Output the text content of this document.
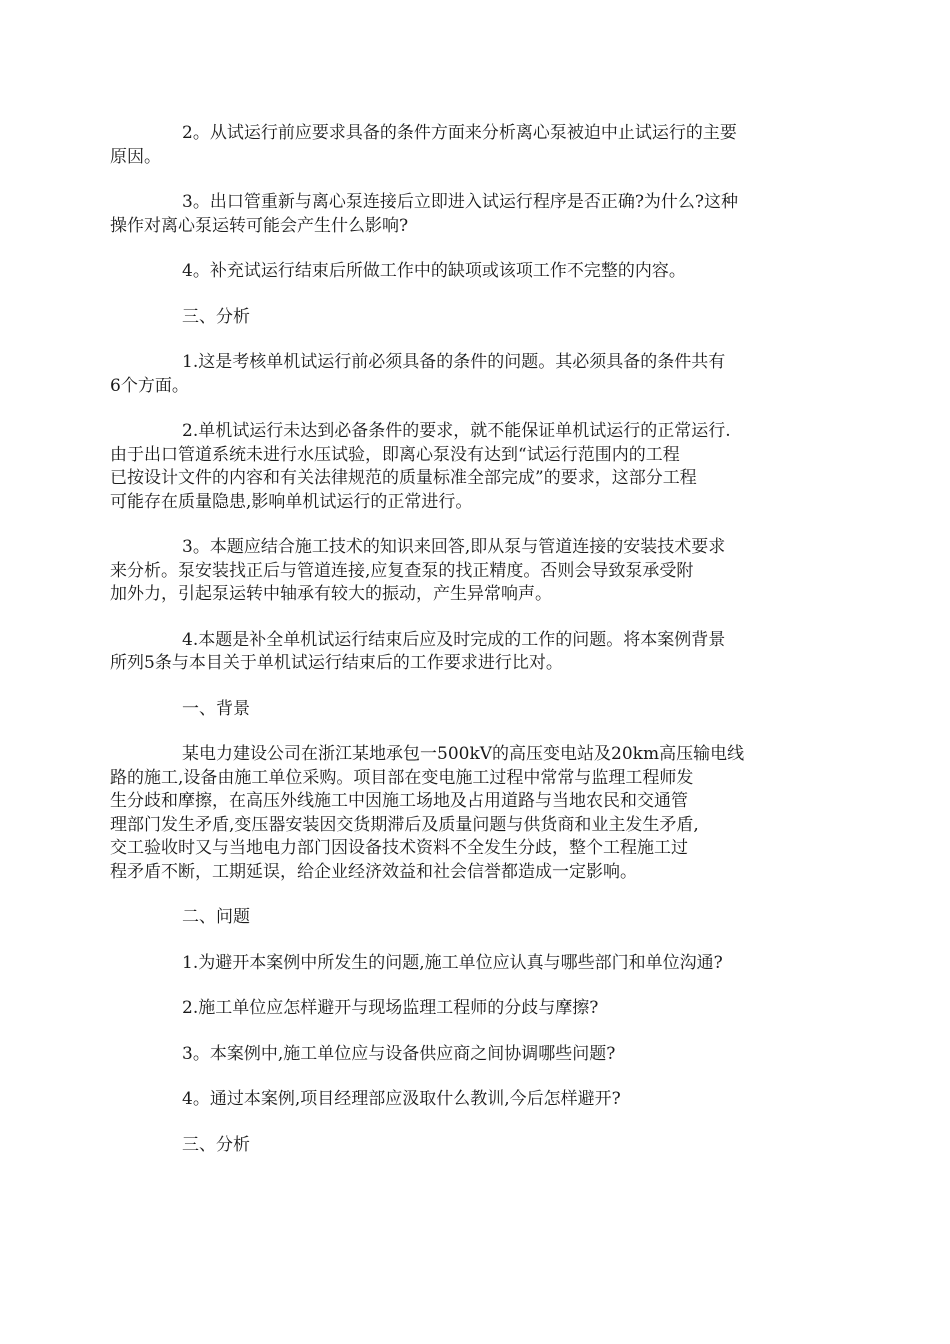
2。从试运行前应要求具备的条件方面来分析离心泵被迫中止试运行的主要
原因。
3。出口管重新与离心泵连接后立即进入试运行程序是否正确?为什么?这种
操作对离心泵运转可能会产生什么影响?
4。补充试运行结束后所做工作中的缺项或该项工作不完整的内容。
三、分析
1.这是考核单机试运行前必须具备的条件的问题。其必须具备的条件共有
6个方面。
2.单机试运行未达到必备条件的要求，就不能保证单机试运行的正常运行.
由于出口管道系统未进行水压试验，即离心泵没有达到“试运行范围内的工程
已按设计文件的内容和有关法律规范的质量标准全部完成”的要求，这部分工程
可能存在质量隐患,影响单机试运行的正常进行。
3。本题应结合施工技术的知识来回答,即从泵与管道连接的安装技术要求
来分析。泵安装找正后与管道连接,应复查泵的找正精度。否则会导致泵承受附
加外力，引起泵运转中轴承有较大的振动，产生异常响声。
4.本题是补全单机试运行结束后应及时完成的工作的问题。将本案例背景
所列5条与本目关于单机试运行结束后的工作要求进行比对。
一、背景
某电力建设公司在浙江某地承包一500kV的高压变电站及20km高压输电线
路的施工,设备由施工单位采购。项目部在变电施工过程中常常与监理工程师发
生分歧和摩擦，在高压外线施工中因施工场地及占用道路与当地农民和交通管
理部门发生矛盾,变压器安装因交货期滞后及质量问题与供货商和业主发生矛盾,
交工验收时又与当地电力部门因设备技术资料不全发生分歧，整个工程施工过
程矛盾不断，工期延误，给企业经济效益和社会信誉都造成一定影响。
二、问题
1.为避开本案例中所发生的问题,施工单位应认真与哪些部门和单位沟通?
2.施工单位应怎样避开与现场监理工程师的分歧与摩擦?
3。本案例中,施工单位应与设备供应商之间协调哪些问题?
4。通过本案例,项目经理部应汲取什么教训,今后怎样避开?
三、分析
